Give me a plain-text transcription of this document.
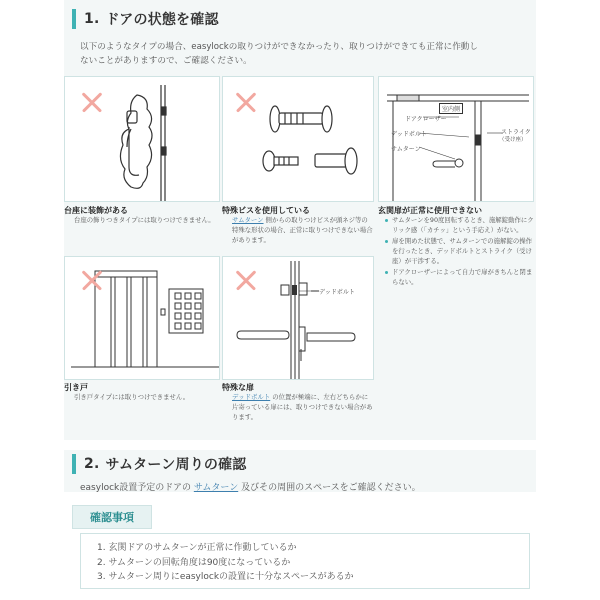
1. ドアの状態を確認
以下のようなタイプの場合、easylockの取りつけができなかったり、取りつけができても正常に作動し
ないことがありますので、ご確認ください。
台座に装飾がある
台座の飾りつきタイプには取りつけできません。
特殊ビスを使用している
サムターン 側からの取りつけビスが頭ネジ等の特殊な形状の場合、正常に取りつけできない場合があります。
室内側
ドアクローザー
デッドボルト
サムターン
ストライク
（受け座）
玄関扉が正常に使用できない
サムターンを90度回転するとき、施解錠動作にクリック感（「カチッ」という手応え）がない。
扉を開めた状態で、サムターンでの施解錠の操作を行ったとき、デッドボルトとストライク（受け座）が干渉する。
ドアクローザーによって自力で扉がきちんと閉まらない。
引き戸
引き戸タイプには取りつけできません。
デッドボルト
特殊な扉
デッドボルト の位置が極端に、左右どちらかに片寄っている扉には、取りつけできない場合があります。
2. サムターン周りの確認
easylock設置予定のドアの サムターン 及びその周囲のスペースをご確認ください。
確認事項
1. 玄関ドアのサムターンが正常に作動しているか
2. サムターンの回転角度は90度になっているか
3. サムターン周りにeasylockの設置に十分なスペースがあるか
